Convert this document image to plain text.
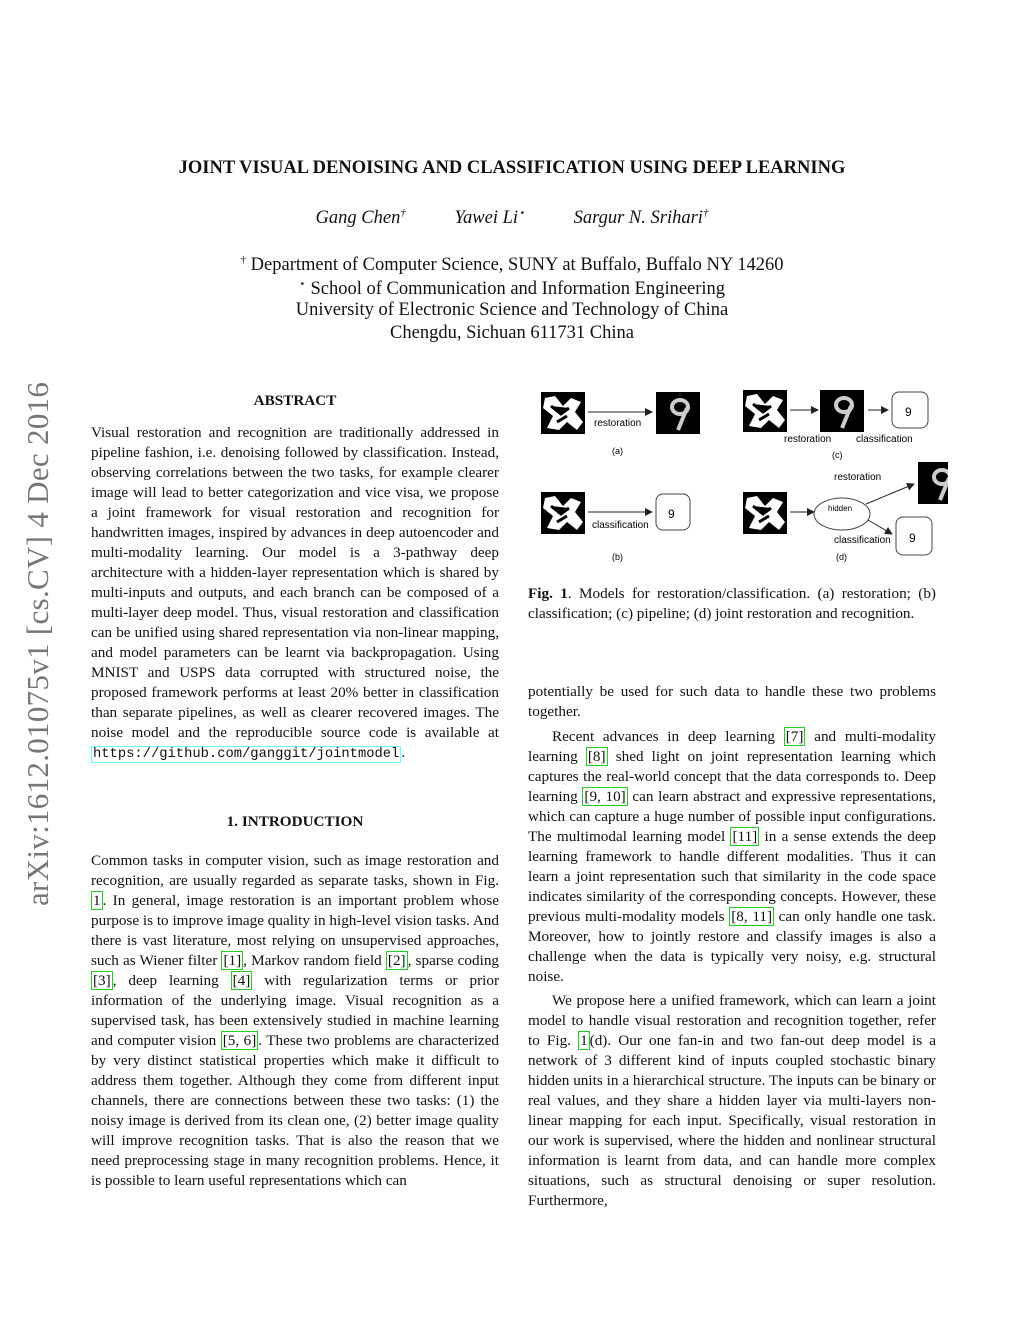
arXiv:1612.01075v1 [cs.CV] 4 Dec 2016
JOINT VISUAL DENOISING AND CLASSIFICATION USING DEEP LEARNING
Gang Chen†	Yawei Li⋆	Sargur N. Srihari†
† Department of Computer Science, SUNY at Buffalo, Buffalo NY 14260
⋆ School of Communication and Information Engineering
University of Electronic Science and Technology of China
Chengdu, Sichuan 611731 China
ABSTRACT

Visual restoration and recognition are traditionally addressed in pipeline fashion, i.e. denoising followed by classification. Instead, observing correlations between the two tasks, for example clearer image will lead to better categorization and vice visa, we propose a joint framework for visual restoration and recognition for handwritten images, inspired by advances in deep autoencoder and multi-modality learning. Our model is a 3-pathway deep architecture with a hidden-layer representation which is shared by multi-inputs and outputs, and each branch can be composed of a multi-layer deep model. Thus, visual restoration and classification can be unified using shared representation via non-linear mapping, and model parameters can be learnt via backpropagation. Using MNIST and USPS data corrupted with structured noise, the proposed framework performs at least 20% better in classification than separate pipelines, as well as clearer recovered images. The noise model and the reproducible source code is available at https://github.com/ganggit/jointmodel .

1. INTRODUCTION

Common tasks in computer vision, such as image restoration and recognition, are usually regarded as separate tasks, shown in Fig. 1 . In general, image restoration is an important problem whose purpose is to improve image quality in high-level vision tasks. And there is vast literature, most relying on unsupervised approaches, such as Wiener filter [1] , Markov random field [2] , sparse coding [3] , deep learning [4] with regularization terms or prior information of the underlying image. Visual recognition as a supervised task, has been extensively studied in machine learning and computer vision [5, 6] . These two problems are characterized by very distinct statistical properties which make it difficult to address them together. Although they come from different input channels, there are connections between these two tasks: (1) the noisy image is derived from its clean one, (2) better image quality will improve recognition tasks. That is also the reason that we need preprocessing stage in many recognition problems. Hence, it is possible to learn useful representations which can

restoration
(a)
classification
9
(b)
9
restoration classification
(c)
hidden
restoration
classification 9
(d)
Fig. 1. Models for restoration/classification. (a) restoration; (b) classification; (c) pipeline; (d) joint restoration and recognition.

potentially be used for such data to handle these two problems together.

Recent advances in deep learning [7] and multi-modality learning [8] shed light on joint representation learning which captures the real-world concept that the data corresponds to. Deep learning [9, 10] can learn abstract and expressive representations, which can capture a huge number of possible input configurations. The multimodal learning model [11] in a sense extends the deep learning framework to handle different modalities. Thus it can learn a joint representation such that similarity in the code space indicates similarity of the corresponding concepts. However, these previous multi-modality models [8, 11] can only handle one task. Moreover, how to jointly restore and classify images is also a challenge when the data is typically very noisy, e.g. structural noise.

We propose here a unified framework, which can learn a joint model to handle visual restoration and recognition together, refer to Fig. 1 (d). Our one fan-in and two fan-out deep model is a network of 3 different kind of inputs coupled stochastic binary hidden units in a hierarchical structure. The inputs can be binary or real values, and they share a hidden layer via multi-layers non-linear mapping for each input. Specifically, visual restoration in our work is supervised, where the hidden and nonlinear structural information is learnt from data, and can handle more complex situations, such as structural denoising or super resolution. Furthermore,
